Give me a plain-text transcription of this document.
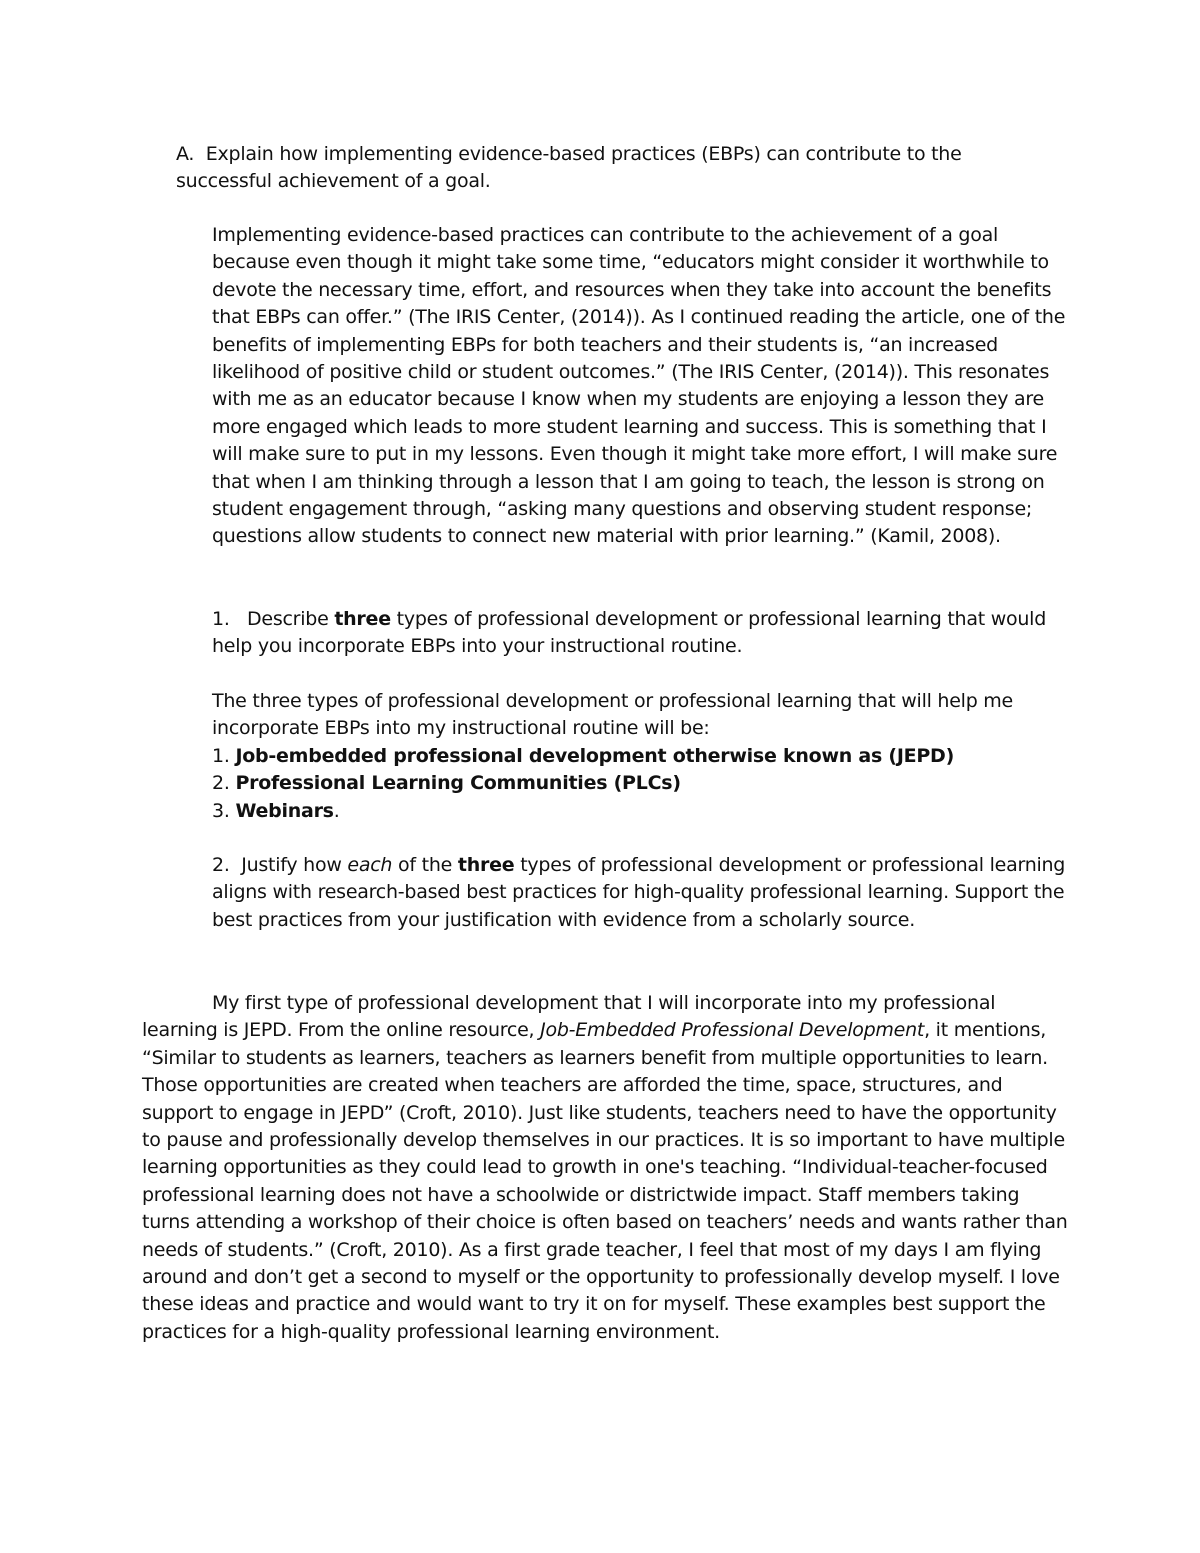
A. Explain how implementing evidence-based practices (EBPs) can contribute to the successful achievement of a goal.

Implementing evidence-based practices can contribute to the achievement of a goal because even though it might take some time, “educators might consider it worthwhile to devote the necessary time, effort, and resources when they take into account the benefits that EBPs can offer.” (The IRIS Center, (2014)). As I continued reading the article, one of the benefits of implementing EBPs for both teachers and their students is, “an increased likelihood of positive child or student outcomes.” (The IRIS Center, (2014)). This resonates with me as an educator because I know when my students are enjoying a lesson they are more engaged which leads to more student learning and success. This is something that I will make sure to put in my lessons. Even though it might take more effort, I will make sure that when I am thinking through a lesson that I am going to teach, the lesson is strong on student engagement through, “asking many questions and observing student response; questions allow students to connect new material with prior learning.” (Kamil, 2008).

1. Describe three types of professional development or professional learning that would help you incorporate EBPs into your instructional routine.

The three types of professional development or professional learning that will help me incorporate EBPs into my instructional routine will be:
1. Job-embedded professional development otherwise known as (JEPD)
2. Professional Learning Communities (PLCs)
3. Webinars.

2. Justify how each of the three types of professional development or professional learning aligns with research-based best practices for high-quality professional learning. Support the best practices from your justification with evidence from a scholarly source.

My first type of professional development that I will incorporate into my professional learning is JEPD. From the online resource, Job-Embedded Professional Development, it mentions, “Similar to students as learners, teachers as learners benefit from multiple opportunities to learn. Those opportunities are created when teachers are afforded the time, space, structures, and support to engage in JEPD” (Croft, 2010). Just like students, teachers need to have the opportunity to pause and professionally develop themselves in our practices. It is so important to have multiple learning opportunities as they could lead to growth in one's teaching. “Individual-teacher-focused professional learning does not have a schoolwide or districtwide impact. Staff members taking turns attending a workshop of their choice is often based on teachers’ needs and wants rather than needs of students.” (Croft, 2010). As a first grade teacher, I feel that most of my days I am flying around and don’t get a second to myself or the opportunity to professionally develop myself. I love these ideas and practice and would want to try it on for myself. These examples best support the practices for a high-quality professional learning environment.
